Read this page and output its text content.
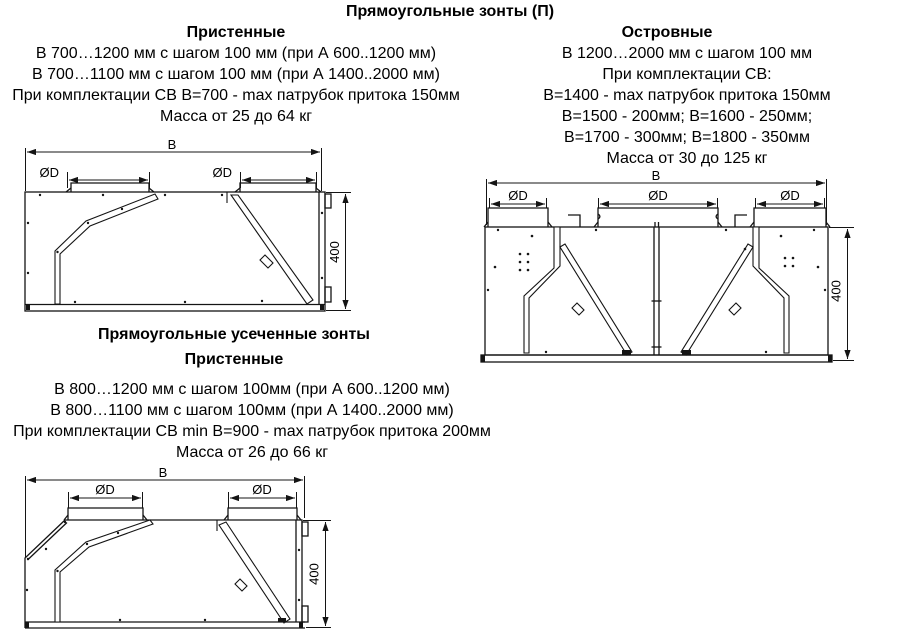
Прямоугольные зонты (П)
Пристенные
В 700…1200 мм с шагом 100 мм (при А 600..1200 мм)
В 700…1100 мм с шагом 100 мм (при А 1400..2000 мм)
При комплектации СВ В=700 - max патрубок притока 150мм
Масса от 25 до 64 кг
Островные
В 1200…2000 мм с шагом 100 мм
При комплектации СВ:
В=1400 - max патрубок притока 150мм
В=1500 - 200мм; В=1600 - 250мм;
В=1700 - 300мм; В=1800 - 350мм
Масса от 30 до 125 кг
Прямоугольные усеченные зонты
Пристенные
В 800…1200 мм с шагом 100мм (при А 600..1200 мм)
В 800…1100 мм с шагом 100мм (при А 1400..2000 мм)
При комплектации СВ min В=900 - max патрубок притока 200мм
Масса от 26 до 66 кг
B
ØD	ØD
400
B
ØD	ØD	ØD
400
B
ØD	ØD
400
